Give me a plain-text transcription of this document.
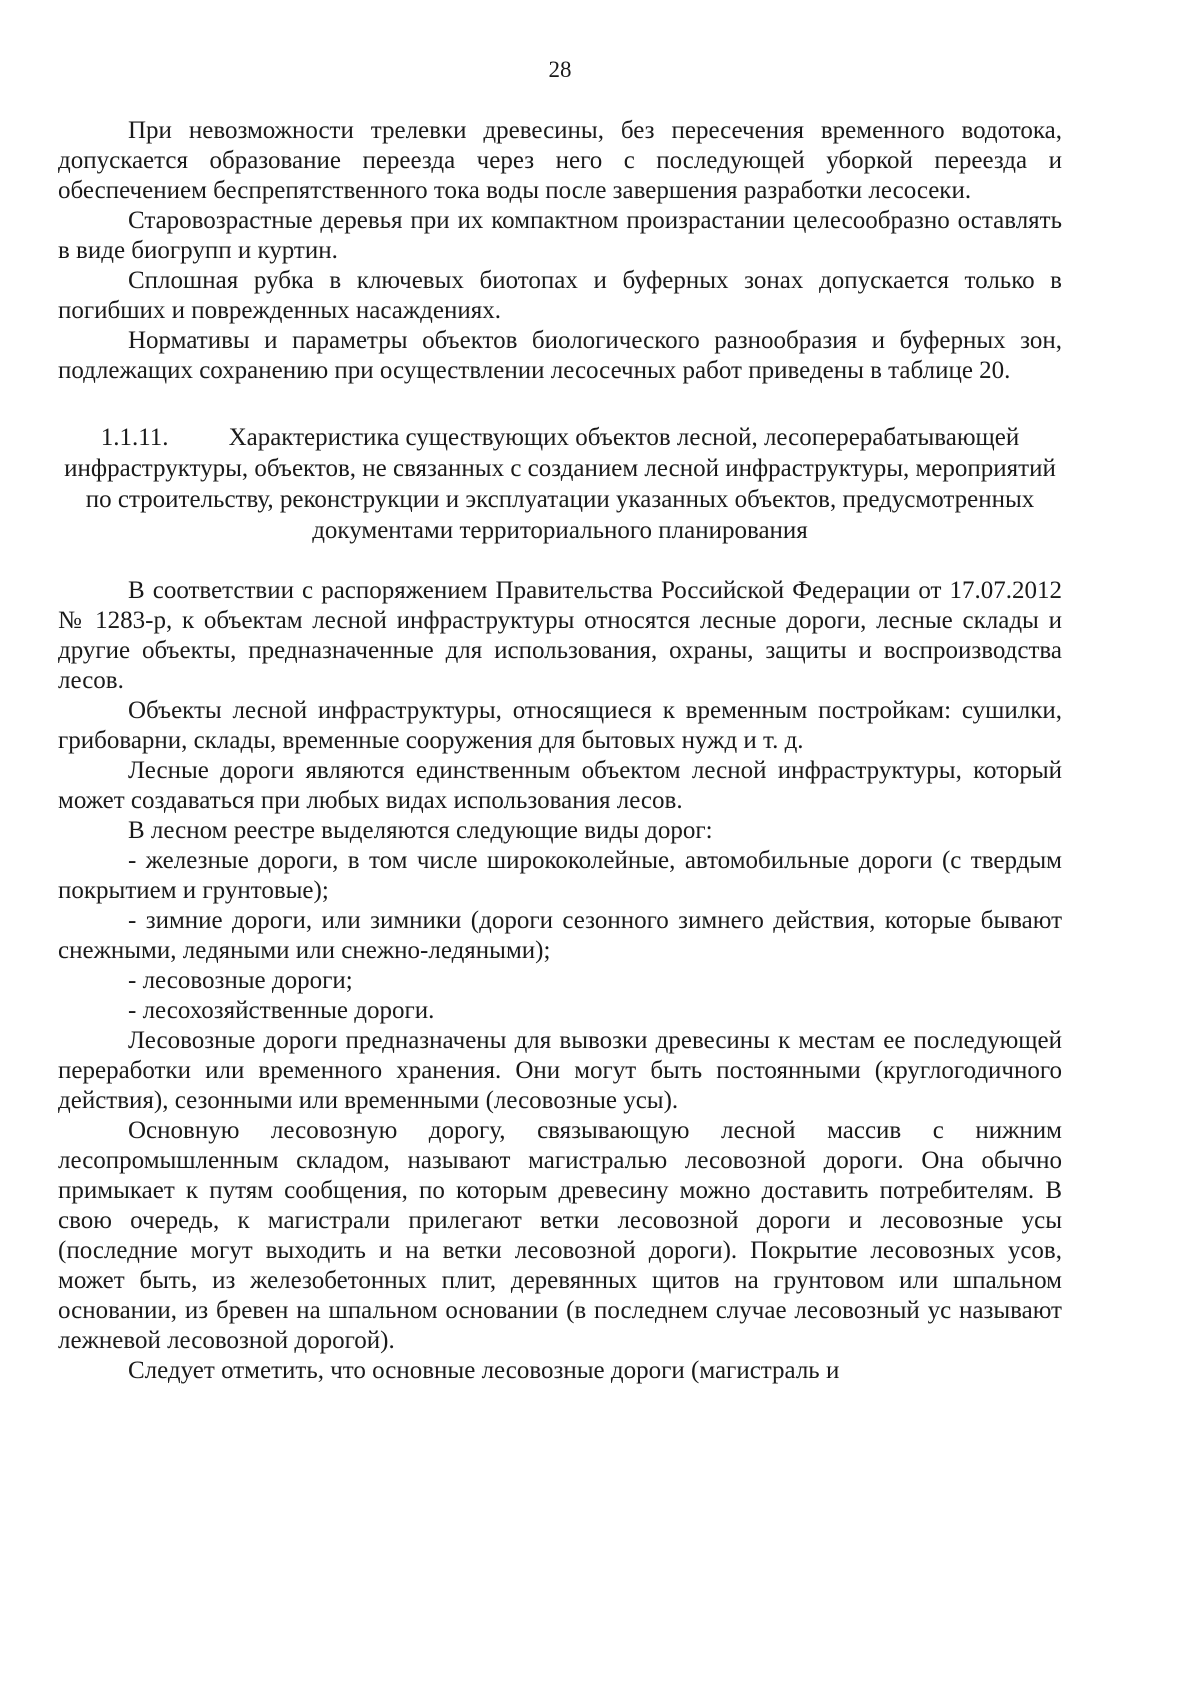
28

При невозможности трелевки древесины, без пересечения временного водотока, допускается образование переезда через него с последующей уборкой переезда и обеспечением беспрепятственного тока воды после завершения разработки лесосеки.

Старовозрастные деревья при их компактном произрастании целесообразно оставлять в виде биогрупп и куртин.

Сплошная рубка в ключевых биотопах и буферных зонах допускается только в погибших и поврежденных насаждениях.

Нормативы и параметры объектов биологического разнообразия и буферных зон, подлежащих сохранению при осуществлении лесосечных работ приведены в таблице 20.

1.1.11. Характеристика существующих объектов лесной, лесоперерабатывающей инфраструктуры, объектов, не связанных с созданием лесной инфраструктуры, мероприятий по строительству, реконструкции и эксплуатации указанных объектов, предусмотренных документами территориального планирования

В соответствии с распоряжением Правительства Российской Федерации от 17.07.2012 № 1283-р, к объектам лесной инфраструктуры относятся лесные дороги, лесные склады и другие объекты, предназначенные для использования, охраны, защиты и воспроизводства лесов.

Объекты лесной инфраструктуры, относящиеся к временным постройкам: сушилки, грибоварни, склады, временные сооружения для бытовых нужд и т. д.

Лесные дороги являются единственным объектом лесной инфраструктуры, который может создаваться при любых видах использования лесов.

В лесном реестре выделяются следующие виды дорог:

- железные дороги, в том числе ширококолейные, автомобильные дороги (с твердым покрытием и грунтовые);

- зимние дороги, или зимники (дороги сезонного зимнего действия, которые бывают снежными, ледяными или снежно-ледяными);

- лесовозные дороги;

- лесохозяйственные дороги.

Лесовозные дороги предназначены для вывозки древесины к местам ее последующей переработки или временного хранения. Они могут быть постоянными (круглогодичного действия), сезонными или временными (лесовозные усы).

Основную лесовозную дорогу, связывающую лесной массив с нижним лесопромышленным складом, называют магистралью лесовозной дороги. Она обычно примыкает к путям сообщения, по которым древесину можно доставить потребителям. В свою очередь, к магистрали прилегают ветки лесовозной дороги и лесовозные усы (последние могут выходить и на ветки лесовозной дороги). Покрытие лесовозных усов, может быть, из железобетонных плит, деревянных щитов на грунтовом или шпальном основании, из бревен на шпальном основании (в последнем случае лесовозный ус называют лежневой лесовозной дорогой).

Следует отметить, что основные лесовозные дороги (магистраль и
